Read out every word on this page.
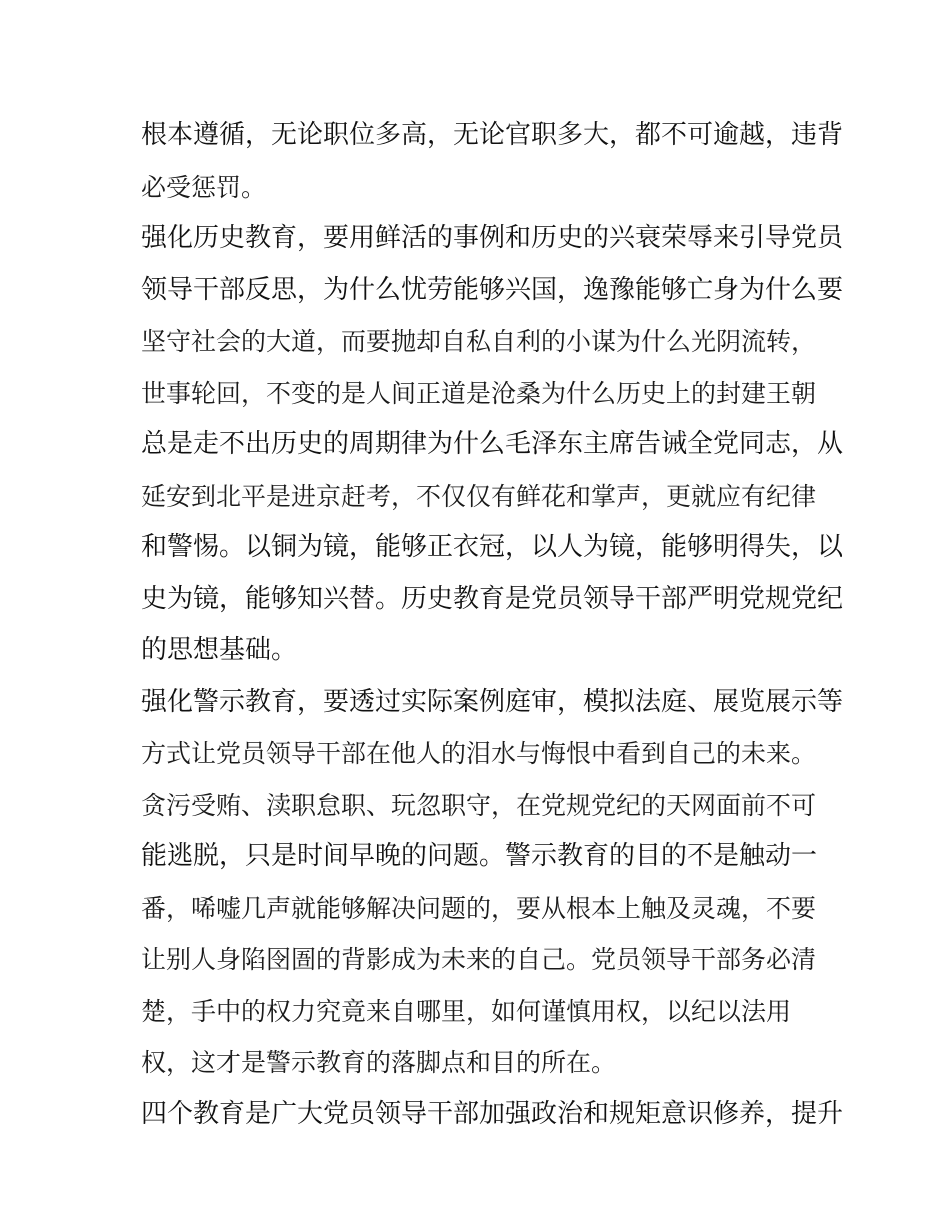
根本遵循，无论职位多高，无论官职多大，都不可逾越，违背
必受惩罚。
强化历史教育，要用鲜活的事例和历史的兴衰荣辱来引导党员
领导干部反思，为什么忧劳能够兴国，逸豫能够亡身为什么要
坚守社会的大道，而要抛却自私自利的小谋为什么光阴流转，
世事轮回，不变的是人间正道是沧桑为什么历史上的封建王朝
总是走不出历史的周期律为什么毛泽东主席告诫全党同志，从
延安到北平是进京赶考，不仅仅有鲜花和掌声，更就应有纪律
和警惕。以铜为镜，能够正衣冠，以人为镜，能够明得失，以
史为镜，能够知兴替。历史教育是党员领导干部严明党规党纪
的思想基础。
强化警示教育，要透过实际案例庭审，模拟法庭、展览展示等
方式让党员领导干部在他人的泪水与悔恨中看到自己的未来。
贪污受贿、渎职怠职、玩忽职守，在党规党纪的天网面前不可
能逃脱，只是时间早晚的问题。警示教育的目的不是触动一
番，唏嘘几声就能够解决问题的，要从根本上触及灵魂，不要
让别人身陷囹圄的背影成为未来的自己。党员领导干部务必清
楚，手中的权力究竟来自哪里，如何谨慎用权，以纪以法用
权，这才是警示教育的落脚点和目的所在。
四个教育是广大党员领导干部加强政治和规矩意识修养，提升
